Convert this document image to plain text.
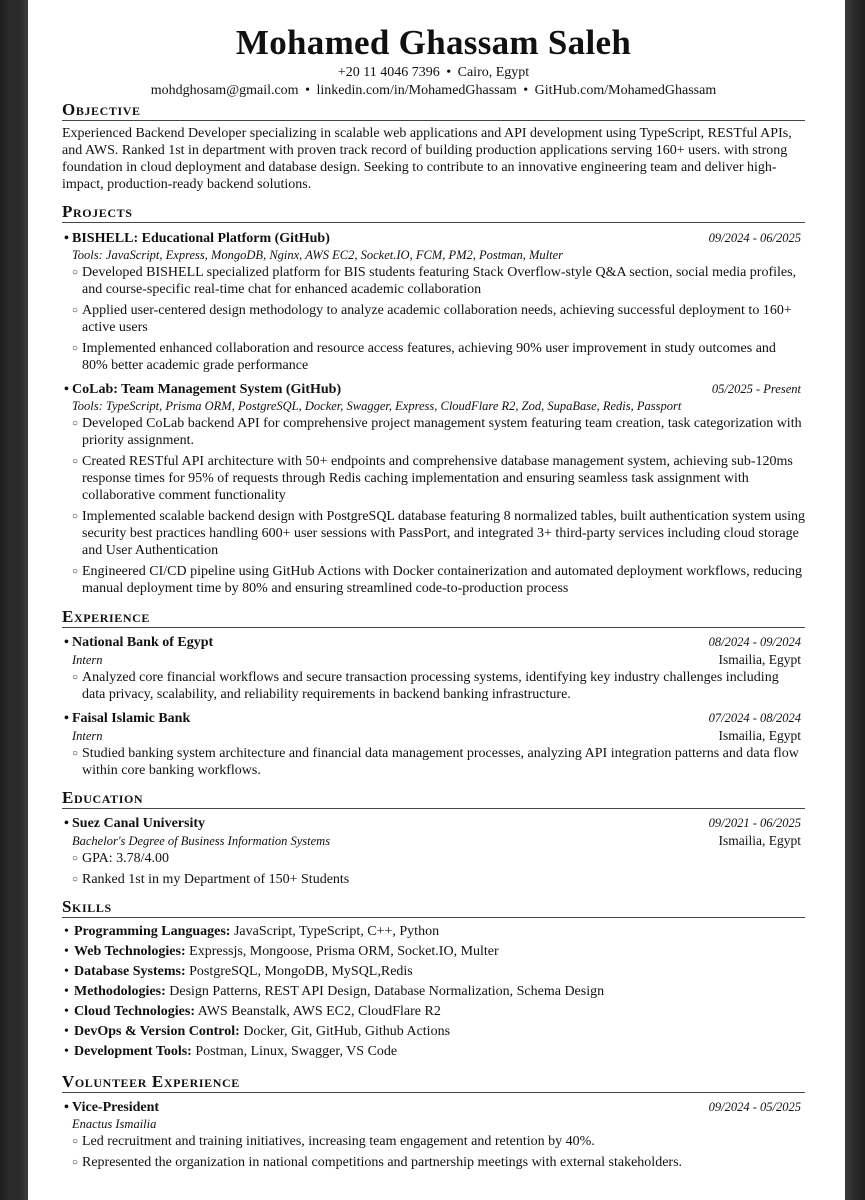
Mohamed Ghassam Saleh
+20 11 4046 7396 • Cairo, Egypt
mohdghosam@gmail.com • linkedin.com/in/MohamedGhassam • GitHub.com/MohamedGhassam
Objective
Experienced Backend Developer specializing in scalable web applications and API development using TypeScript, RESTful APIs, and AWS. Ranked 1st in department with proven track record of building production applications serving 160+ users. with strong foundation in cloud deployment and database design. Seeking to contribute to an innovative engineering team and deliver high-impact, production-ready backend solutions.
Projects
• BISHELL: Educational Platform (GitHub)	09/2024 - 06/2025
Tools: JavaScript, Express, MongoDB, Nginx, AWS EC2, Socket.IO, FCM, PM2, Postman, Multer
○ Developed BISHELL specialized platform for BIS students featuring Stack Overflow-style Q&A section, social media profiles, and course-specific real-time chat for enhanced academic collaboration
○ Applied user-centered design methodology to analyze academic collaboration needs, achieving successful deployment to 160+ active users
○ Implemented enhanced collaboration and resource access features, achieving 90% user improvement in study outcomes and 80% better academic grade performance
• CoLab: Team Management System (GitHub)	05/2025 - Present
Tools: TypeScript, Prisma ORM, PostgreSQL, Docker, Swagger, Express, CloudFlare R2, Zod, SupaBase, Redis, Passport
○ Developed CoLab backend API for comprehensive project management system featuring team creation, task categorization with priority assignment.
○ Created RESTful API architecture with 50+ endpoints and comprehensive database management system, achieving sub-120ms response times for 95% of requests through Redis caching implementation and ensuring seamless task assignment with collaborative comment functionality
○ Implemented scalable backend design with PostgreSQL database featuring 8 normalized tables, built authentication system using security best practices handling 600+ user sessions with PassPort, and integrated 3+ third-party services including cloud storage and User Authentication
○ Engineered CI/CD pipeline using GitHub Actions with Docker containerization and automated deployment workflows, reducing manual deployment time by 80% and ensuring streamlined code-to-production process
Experience
• National Bank of Egypt	08/2024 - 09/2024
Intern	Ismailia, Egypt
○ Analyzed core financial workflows and secure transaction processing systems, identifying key industry challenges including data privacy, scalability, and reliability requirements in backend banking infrastructure.
• Faisal Islamic Bank	07/2024 - 08/2024
Intern	Ismailia, Egypt
○ Studied banking system architecture and financial data management processes, analyzing API integration patterns and data flow within core banking workflows.
Education
• Suez Canal University	09/2021 - 06/2025
Bachelor's Degree of Business Information Systems	Ismailia, Egypt
○ GPA: 3.78/4.00
○ Ranked 1st in my Department of 150+ Students
Skills
• Programming Languages: JavaScript, TypeScript, C++, Python
• Web Technologies: Expressjs, Mongoose, Prisma ORM, Socket.IO, Multer
• Database Systems: PostgreSQL, MongoDB, MySQL,Redis
• Methodologies: Design Patterns, REST API Design, Database Normalization, Schema Design
• Cloud Technologies: AWS Beanstalk, AWS EC2, CloudFlare R2
• DevOps & Version Control: Docker, Git, GitHub, Github Actions
• Development Tools: Postman, Linux, Swagger, VS Code
Volunteer Experience
• Vice-President	09/2024 - 05/2025
Enactus Ismailia
○ Led recruitment and training initiatives, increasing team engagement and retention by 40%.
○ Represented the organization in national competitions and partnership meetings with external stakeholders.
